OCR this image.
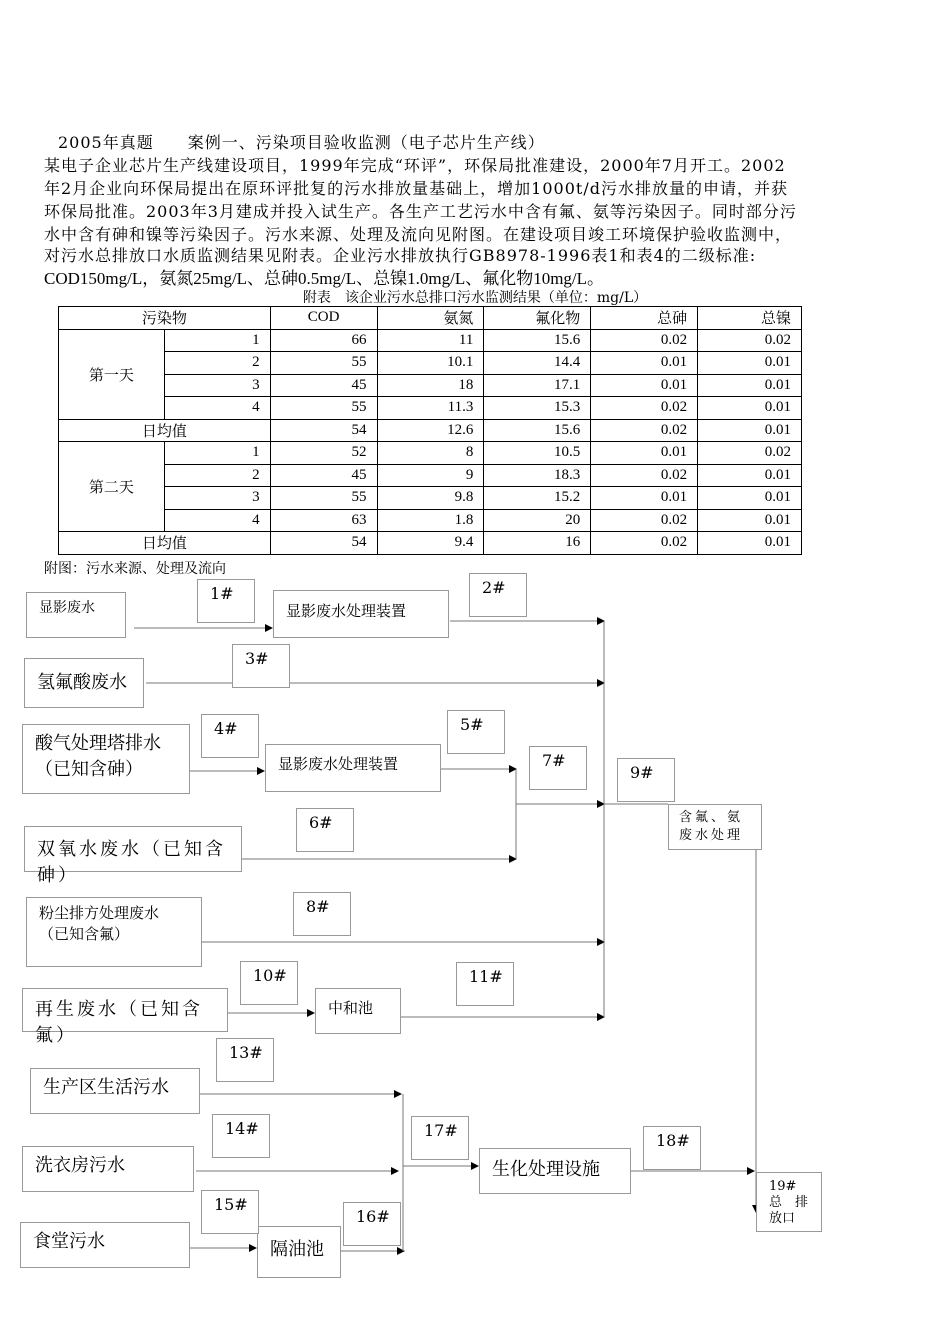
2005年真题　　案例一、污染项目验收监测（电子芯片生产线）
某电子企业芯片生产线建设项目，1999年完成“环评”，环保局批准建设，2000年7月开工。2002
年2月企业向环保局提出在原环评批复的污水排放量基础上，增加1000t/d污水排放量的申请，并获
环保局批准。2003年3月建成并投入试生产。各生产工艺污水中含有氟、氨等污染因子。同时部分污
水中含有砷和镍等污染因子。污水来源、处理及流向见附图。在建设项目竣工环境保护验收监测中，
对污水总排放口水质监测结果见附表。企业污水排放执行GB8978-1996表1和表4的二级标准:
COD150mg/L，氨氮25mg/L、总砷0.5mg/L、总镍1.0mg/L、氟化物10mg/L。
附表　该企业污水总排口污水监测结果（单位：mg/L）
污染物		COD	氨氮	氟化物	总砷	总镍
第一天	1	66	11	15.6	0.02	0.02
	2	55	10.1	14.4	0.01	0.01
	3	45	18	17.1	0.01	0.01
	4	55	11.3	15.3	0.02	0.01
日均值		54	12.6	15.6	0.02	0.01
第二天	1	52	8	10.5	0.01	0.02
	2	45	9	18.3	0.02	0.01
	3	55	9.8	15.2	0.01	0.01
	4	63	1.8	20	0.02	0.01
日均值		54	9.4	16	0.02	0.01
附图：污水来源、处理及流向
显影废水
氢氟酸废水
酸气处理塔排水
（已知含砷）
双氧水废水（已知含砷）
粉尘排方处理废水
（已知含氟）
再生废水（已知含氟）
生产区生活污水
洗衣房污水
食堂污水
显影废水处理装置
显影废水处理装置
中和池
含氟、氨
废水处理
隔油池
生化处理设施
19#
总　排
放口
1#	2#
3#
4#	5#
6#
7#
8#
9#
10#	11#
13#
14#
15#
16#
17#
18#
